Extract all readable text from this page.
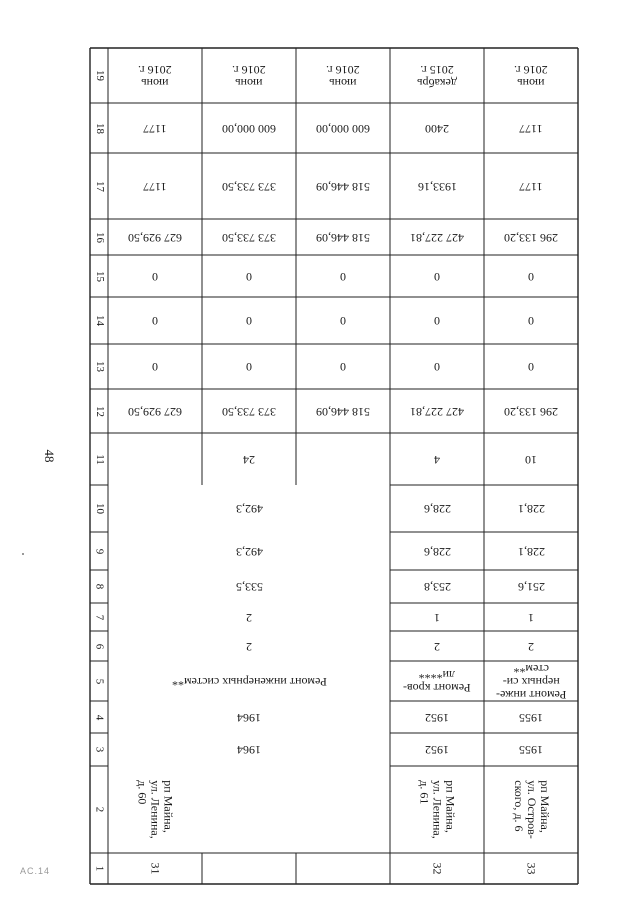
48
AC.14	1
2
3
4
5
6
7
8
9
10
11
12
13
14
15
16
17
18
19
31
рп Майна,
ул. Ленина,
д. 60
627 929,50
0
0
0
627 929,50
1177
1177
июнь
2016 г.
373 733,50
0
0
0
373 733,50
373 733,50
600 000,00
июнь
2016 г.
518 446,09
0
0
0
518 446,09
518 446,09
600 000,00
июнь
2016 г.
32
рп Майна,
ул. Ленина,
д. 61
1952
1952
Ремонт кров-
ли****
2
1
253,8
228,6
228,6
4
427 227,81
0
0
0
427 227,81
1933,16
2400
декабрь
2015 г.
33
рп Майна,
ул. Остров-
ского, д. 6
1955
1955
Ремонт инже-
нерных си-
стем**
2
1
251,6
228,1
228,1
10
296 133,20
0
0
0
296 133,20
1177
1177
июнь
2016 г.
1964
1964
Ремонт инженерных систем**
2
2
533,5
492,3
492,3
24
